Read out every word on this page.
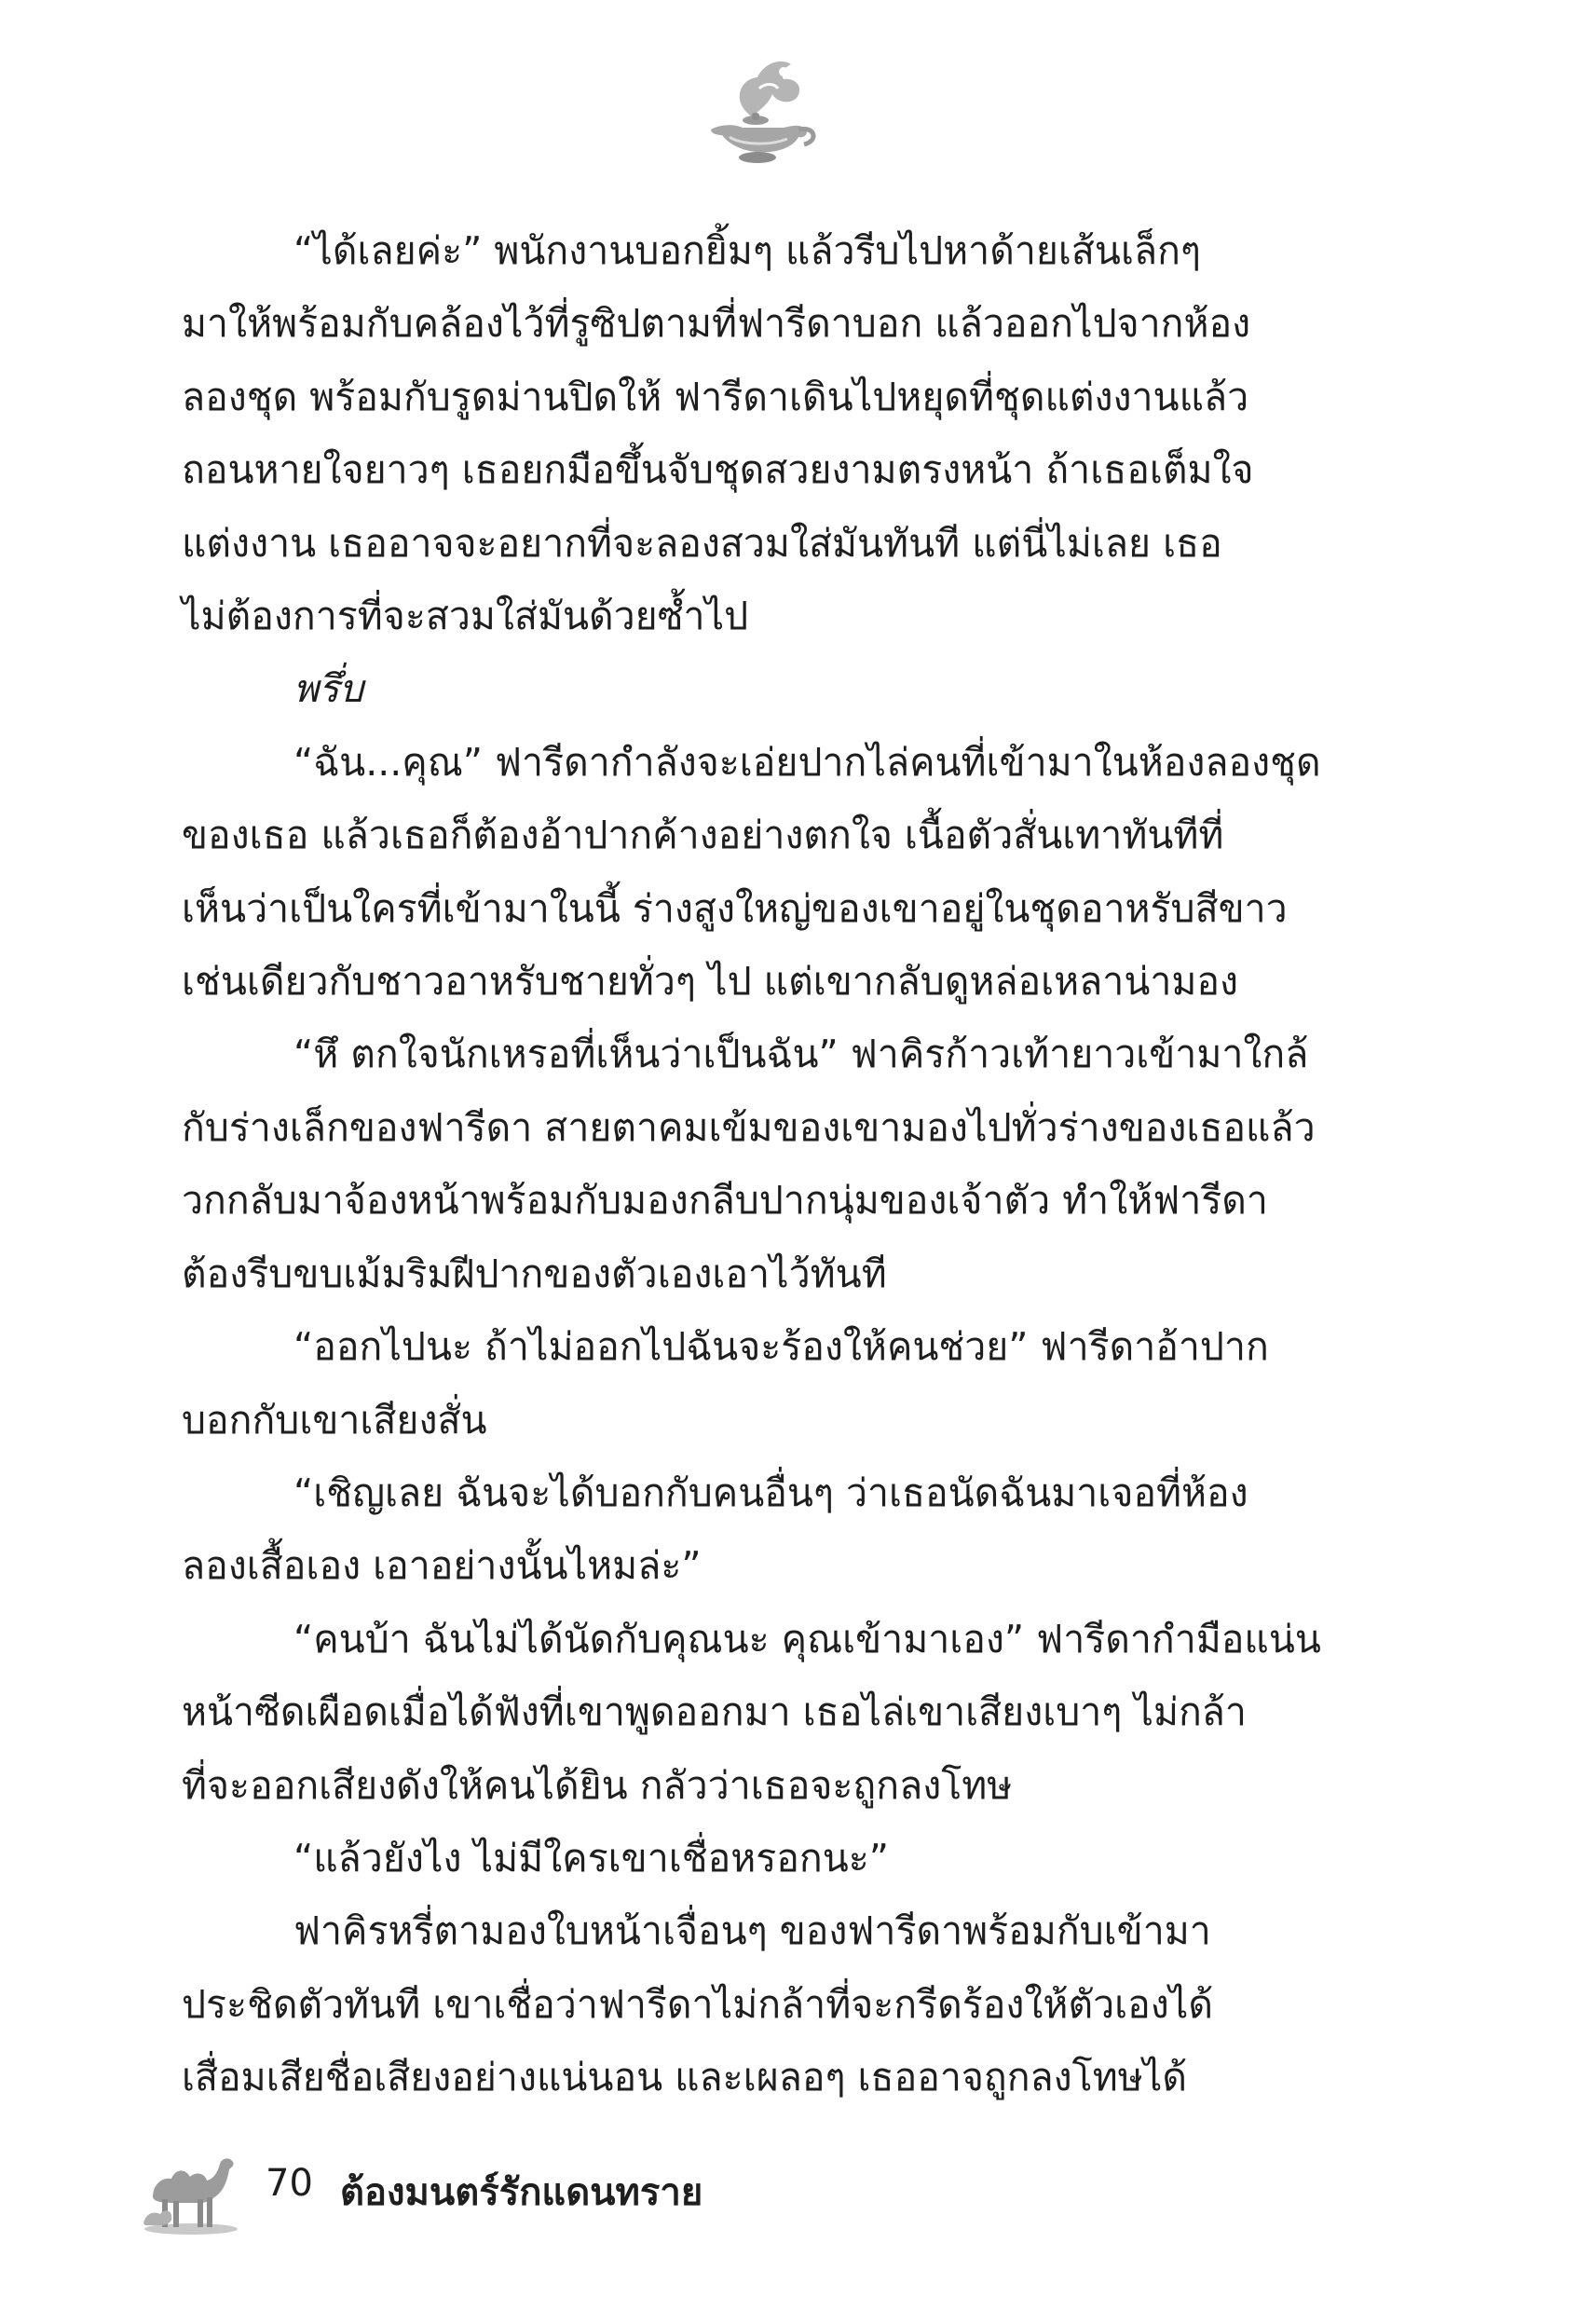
“ได้เลยค่ะ” พนักงานบอกยิ้มๆ แล้วรีบไปหาด้ายเส้นเล็กๆ
มาให้พร้อมกับคล้องไว้ที่รูซิปตามที่ฟารีดาบอก แล้วออกไปจากห้อง
ลองชุด พร้อมกับรูดม่านปิดให้ ฟารีดาเดินไปหยุดที่ชุดแต่งงานแล้ว
ถอนหายใจยาวๆ เธอยกมือขึ้นจับชุดสวยงามตรงหน้า ถ้าเธอเต็มใจ
แต่งงาน เธออาจจะอยากที่จะลองสวมใส่มันทันที แต่นี่ไม่เลย เธอ
ไม่ต้องการที่จะสวมใส่มันด้วยซ้ำไป

พรึ่บ

“ฉัน...คุณ” ฟารีดากำลังจะเอ่ยปากไล่คนที่เข้ามาในห้องลองชุด
ของเธอ แล้วเธอก็ต้องอ้าปากค้างอย่างตกใจ เนื้อตัวสั่นเทาทันทีที่
เห็นว่าเป็นใครที่เข้ามาในนี้ ร่างสูงใหญ่ของเขาอยู่ในชุดอาหรับสีขาว
เช่นเดียวกับชาวอาหรับชายทั่วๆ ไป แต่เขากลับดูหล่อเหลาน่ามอง

“หึ ตกใจนักเหรอที่เห็นว่าเป็นฉัน” ฟาคิรก้าวเท้ายาวเข้ามาใกล้
กับร่างเล็กของฟารีดา สายตาคมเข้มของเขามองไปทั่วร่างของเธอแล้ว
วกกลับมาจ้องหน้าพร้อมกับมองกลีบปากนุ่มของเจ้าตัว ทำให้ฟารีดา
ต้องรีบขบเม้มริมฝีปากของตัวเองเอาไว้ทันที

“ออกไปนะ ถ้าไม่ออกไปฉันจะร้องให้คนช่วย” ฟารีดาอ้าปาก
บอกกับเขาเสียงสั่น

“เชิญเลย ฉันจะได้บอกกับคนอื่นๆ ว่าเธอนัดฉันมาเจอที่ห้อง
ลองเสื้อเอง เอาอย่างนั้นไหมล่ะ”

“คนบ้า ฉันไม่ได้นัดกับคุณนะ คุณเข้ามาเอง” ฟารีดากำมือแน่น
หน้าซีดเผือดเมื่อได้ฟังที่เขาพูดออกมา เธอไล่เขาเสียงเบาๆ ไม่กล้า
ที่จะออกเสียงดังให้คนได้ยิน กลัวว่าเธอจะถูกลงโทษ

“แล้วยังไง ไม่มีใครเขาเชื่อหรอกนะ”

ฟาคิรหรี่ตามองใบหน้าเจื่อนๆ ของฟารีดาพร้อมกับเข้ามา
ประชิดตัวทันที เขาเชื่อว่าฟารีดาไม่กล้าที่จะกรีดร้องให้ตัวเองได้
เสื่อมเสียชื่อเสียงอย่างแน่นอน และเผลอๆ เธออาจถูกลงโทษได้

70 ต้องมนตร์รักแดนทราย
